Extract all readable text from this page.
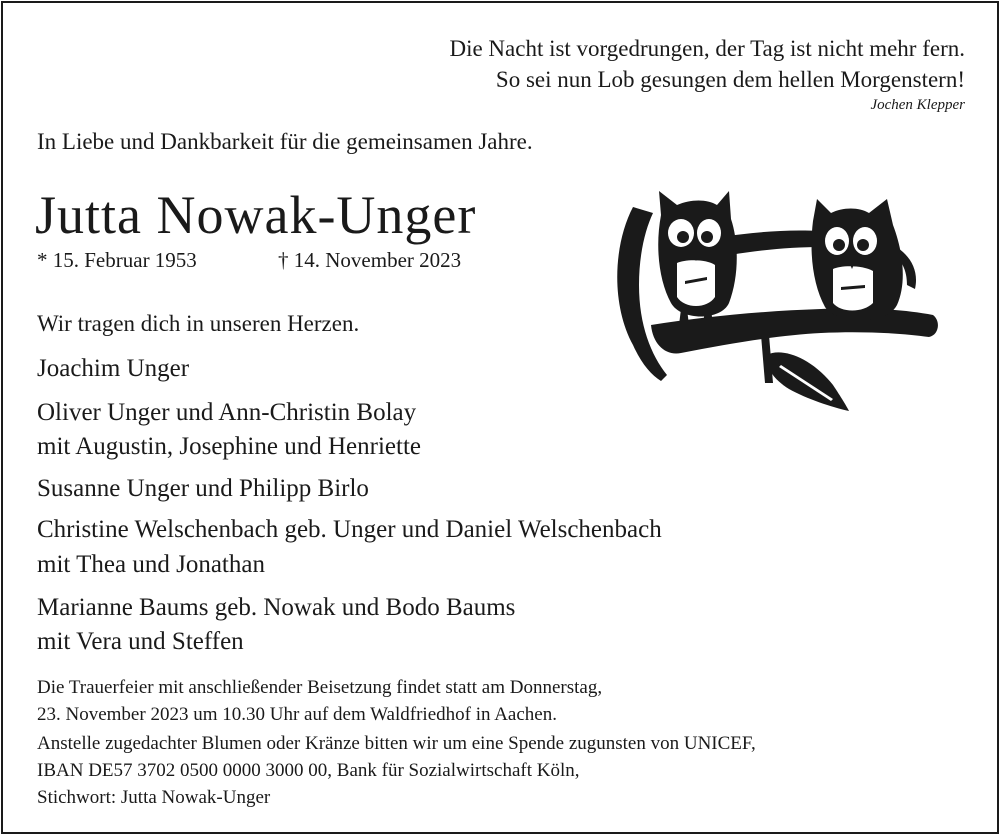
Die Nacht ist vorgedrungen, der Tag ist nicht mehr fern.
So sei nun Lob gesungen dem hellen Morgenstern!
Jochen Klepper
In Liebe und Dankbarkeit für die gemeinsamen Jahre.
Jutta Nowak-Unger
* 15. Februar 1953	† 14. November 2023
Wir tragen dich in unseren Herzen.
Joachim Unger
Oliver Unger und Ann-Christin Bolay
mit Augustin, Josephine und Henriette
Susanne Unger und Philipp Birlo
Christine Welschenbach geb. Unger und Daniel Welschenbach
mit Thea und Jonathan
Marianne Baums geb. Nowak und Bodo Baums
mit Vera und Steffen
Die Trauerfeier mit anschließender Beisetzung findet statt am Donnerstag,
23. November 2023 um 10.30 Uhr auf dem Waldfriedhof in Aachen.
Anstelle zugedachter Blumen oder Kränze bitten wir um eine Spende zugunsten von UNICEF,
IBAN DE57 3702 0500 0000 3000 00, Bank für Sozialwirtschaft Köln,
Stichwort: Jutta Nowak-Unger
